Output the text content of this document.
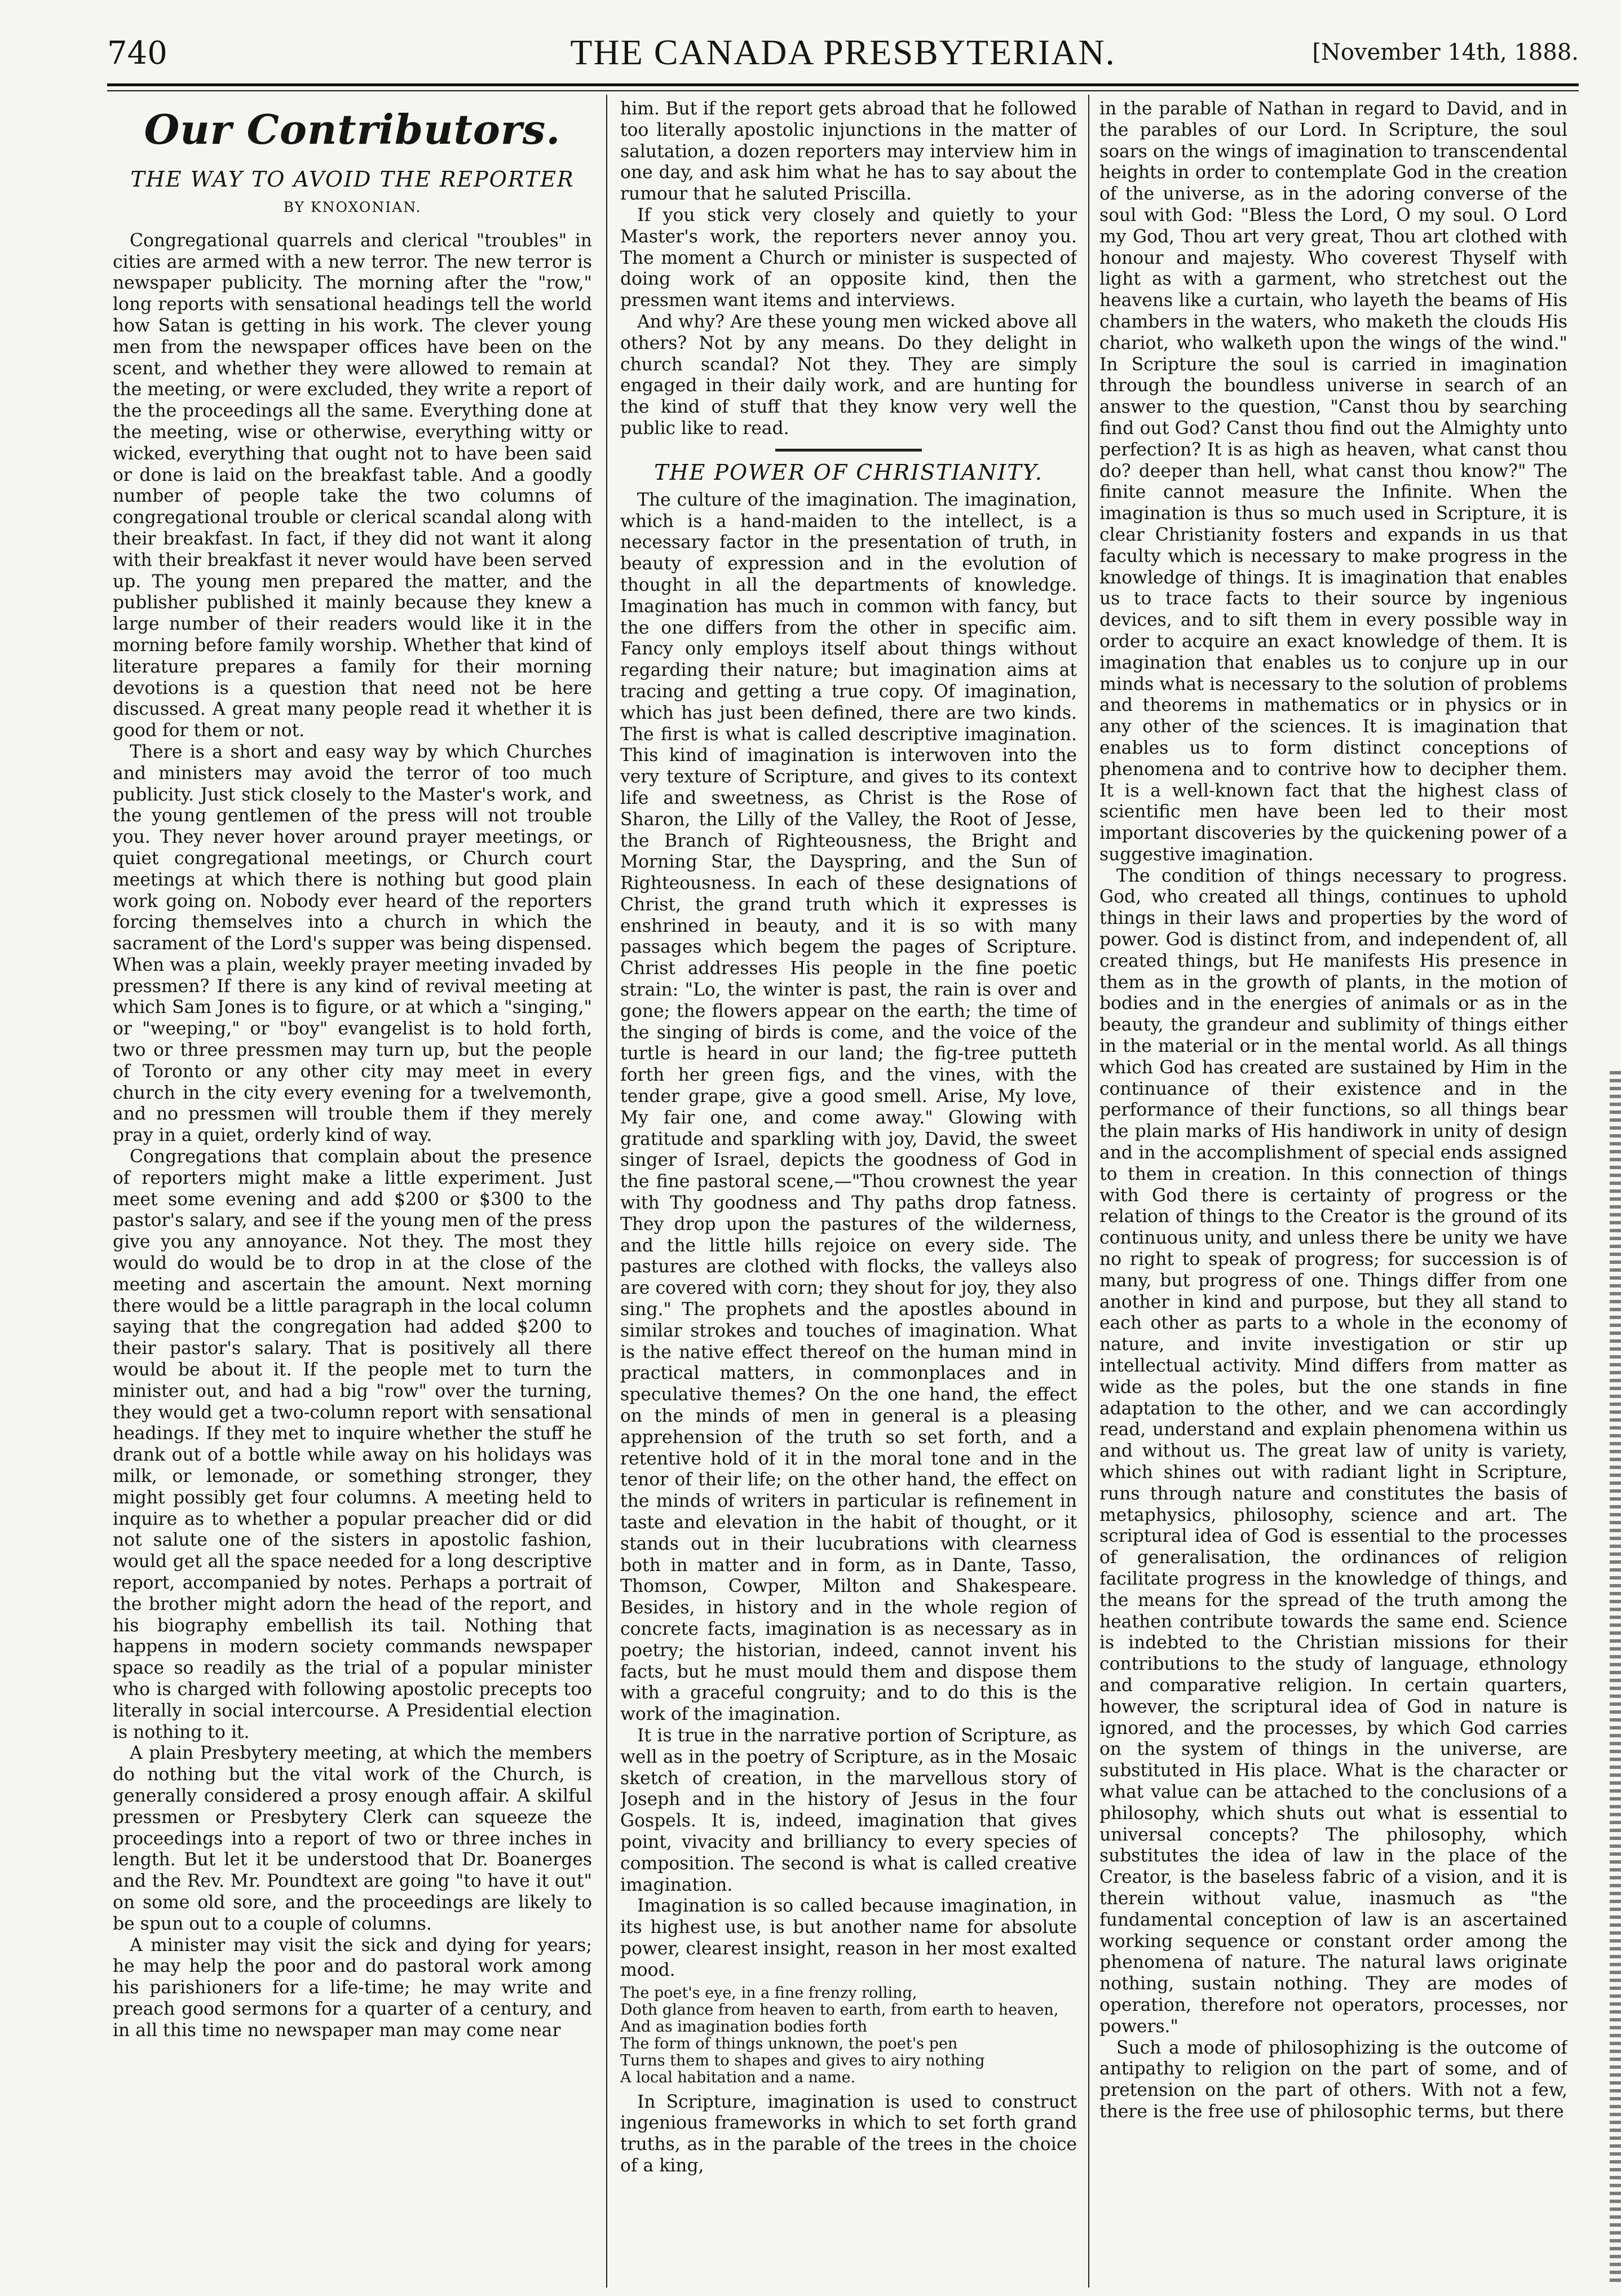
740	THE CANADA PRESBYTERIAN.	[November 14th, 1888.
Our Contributors.
THE WAY TO AVOID THE REPORTER
BY KNOXONIAN.

Congregational quarrels and clerical "troubles" in cities are armed with a new terror. The new terror is newspaper publicity. The morning after the "row," long reports with sensational headings tell the world how Satan is getting in his work. The clever young men from the newspaper offices have been on the scent, and whether they were allowed to remain at the meeting, or were excluded, they write a report of the the proceedings all the same. Everything done at the meeting, wise or otherwise, everything witty or wicked, everything that ought not to have been said or done is laid on the breakfast table. And a goodly number of people take the two columns of congregational trouble or clerical scandal along with their breakfast. In fact, if they did not want it along with their breakfast it never would have been served up. The young men prepared the matter, and the publisher published it mainly because they knew a large number of their readers would like it in the morning before family worship. Whether that kind of literature prepares a family for their morning devotions is a question that need not be here discussed. A great many people read it whether it is good for them or not.

There is a short and easy way by which Churches and ministers may avoid the terror of too much publicity. Just stick closely to the Master's work, and the young gentlemen of the press will not trouble you. They never hover around prayer meetings, or quiet congregational meetings, or Church court meetings at which there is nothing but good plain work going on. Nobody ever heard of the reporters forcing themselves into a church in which the sacrament of the Lord's supper was being dispensed. When was a plain, weekly prayer meeting invaded by pressmen? If there is any kind of revival meeting at which Sam Jones is to figure, or at which a "singing," or "weeping," or "boy" evangelist is to hold forth, two or three pressmen may turn up, but the people of Toronto or any other city may meet in every church in the city every evening for a twelvemonth, and no pressmen will trouble them if they merely pray in a quiet, orderly kind of way.

Congregations that complain about the presence of reporters might make a little experiment. Just meet some evening and add $200 or $300 to the pastor's salary, and see if the young men of the press give you any annoyance. Not they. The most they would do would be to drop in at the close of the meeting and ascertain the amount. Next morning there would be a little paragraph in the local column saying that the congregation had added $200 to their pastor's salary. That is positively all there would be about it. If the people met to turn the minister out, and had a big "row" over the turning, they would get a two-column report with sensational headings. If they met to inquire whether the stuff he drank out of a bottle while away on his holidays was milk, or lemonade, or something stronger, they might possibly get four columns. A meeting held to inquire as to whether a popular preacher did or did not salute one of the sisters in apostolic fashion, would get all the space needed for a long descriptive report, accompanied by notes. Perhaps a portrait of the brother might adorn the head of the report, and his biography embellish its tail. Nothing that happens in modern society commands newspaper space so readily as the trial of a popular minister who is charged with following apostolic precepts too literally in social intercourse. A Presidential election is nothing to it.

A plain Presbytery meeting, at which the members do nothing but the vital work of the Church, is generally considered a prosy enough affair. A skilful pressmen or Presbytery Clerk can squeeze the proceedings into a report of two or three inches in length. But let it be understood that Dr. Boanerges and the Rev. Mr. Poundtext are going "to have it out" on some old sore, and the proceedings are likely to be spun out to a couple of columns.

A minister may visit the sick and dying for years; he may help the poor and do pastoral work among his parishioners for a life-time; he may write and preach good sermons for a quarter of a century, and in all this time no newspaper man may come near

him. But if the report gets abroad that he followed too literally apostolic injunctions in the matter of salutation, a dozen reporters may interview him in one day, and ask him what he has to say about the rumour that he saluted Priscilla.

If you stick very closely and quietly to your Master's work, the reporters never annoy you. The moment a Church or minister is suspected of doing work of an opposite kind, then the pressmen want items and interviews.

And why? Are these young men wicked above all others? Not by any means. Do they delight in church scandal? Not they. They are simply engaged in their daily work, and are hunting for the kind of stuff that they know very well the public like to read.

THE POWER OF CHRISTIANITY.

The culture of the imagination. The imagination, which is a hand-maiden to the intellect, is a necessary factor in the presentation of truth, in beauty of expression and in the evolution of thought in all the departments of knowledge. Imagination has much in common with fancy, but the one differs from the other in specific aim. Fancy only employs itself about things without regarding their nature; but imagination aims at tracing and getting a true copy. Of imagination, which has just been defined, there are two kinds. The first is what is called descriptive imagination. This kind of imagination is interwoven into the very texture of Scripture, and gives to its context life and sweetness, as Christ is the Rose of Sharon, the Lilly of the Valley, the Root of Jesse, the Branch of Righteousness, the Bright and Morning Star, the Dayspring, and the Sun of Righteousness. In each of these designations of Christ, the grand truth which it expresses is enshrined in beauty, and it is so with many passages which begem the pages of Scripture. Christ addresses His people in the fine poetic strain: "Lo, the winter is past, the rain is over and gone; the flowers appear on the earth; the time of the singing of birds is come, and the voice of the turtle is heard in our land; the fig-tree putteth forth her green figs, and the vines, with the tender grape, give a good smell. Arise, My love, My fair one, and come away." Glowing with gratitude and sparkling with joy, David, the sweet singer of Israel, depicts the goodness of God in the fine pastoral scene,—"Thou crownest the year with Thy goodness and Thy paths drop fatness. They drop upon the pastures of the wilderness, and the little hills rejoice on every side. The pastures are clothed with flocks, the valleys also are covered with corn; they shout for joy, they also sing." The prophets and the apostles abound in similar strokes and touches of imagination. What is the native effect thereof on the human mind in practical matters, in commonplaces and in speculative themes? On the one hand, the effect on the minds of men in general is a pleasing apprehension of the truth so set forth, and a retentive hold of it in the moral tone and in the tenor of their life; on the other hand, the effect on the minds of writers in particular is refinement in taste and elevation in the habit of thought, or it stands out in their lucubrations with clearness both in matter and in form, as in Dante, Tasso, Thomson, Cowper, Milton and Shakespeare. Besides, in history and in the whole region of concrete facts, imagination is as necessary as in poetry; the historian, indeed, cannot invent his facts, but he must mould them and dispose them with a graceful congruity; and to do this is the work of the imagination.

It is true in the narrative portion of Scripture, as well as in the poetry of Scripture, as in the Mosaic sketch of creation, in the marvellous story of Joseph and in the history of Jesus in the four Gospels. It is, indeed, imagination that gives point, vivacity and brilliancy to every species of composition. The second is what is called creative imagination.

Imagination is so called because imagination, in its highest use, is but another name for absolute power, clearest insight, reason in her most exalted mood.

The poet's eye, in a fine frenzy rolling,
Doth glance from heaven to earth, from earth to heaven,
And as imagination bodies forth
The form of things unknown, the poet's pen
Turns them to shapes and gives to airy nothing
A local habitation and a name.

In Scripture, imagination is used to construct ingenious frameworks in which to set forth grand truths, as in the parable of the trees in the choice of a king,

in the parable of Nathan in regard to David, and in the parables of our Lord. In Scripture, the soul soars on the wings of imagination to transcendental heights in order to contemplate God in the creation of the universe, as in the adoring converse of the soul with God: "Bless the Lord, O my soul. O Lord my God, Thou art very great, Thou art clothed with honour and majesty. Who coverest Thyself with light as with a garment, who stretchest out the heavens like a curtain, who layeth the beams of His chambers in the waters, who maketh the clouds His chariot, who walketh upon the wings of the wind." In Scripture the soul is carried in imagination through the boundless universe in search of an answer to the question, "Canst thou by searching find out God? Canst thou find out the Almighty unto perfection? It is as high as heaven, what canst thou do? deeper than hell, what canst thou know?" The finite cannot measure the Infinite. When the imagination is thus so much used in Scripture, it is clear Christianity fosters and expands in us that faculty which is necessary to make progress in the knowledge of things. It is imagination that enables us to trace facts to their source by ingenious devices, and to sift them in every possible way in order to acquire an exact knowledge of them. It is imagination that enables us to conjure up in our minds what is necessary to the solution of problems and theorems in mathematics or in physics or in any other of the sciences. It is imagination that enables us to form distinct conceptions of phenomena and to contrive how to decipher them. It is a well-known fact that the highest class of scientific men have been led to their most important discoveries by the quickening power of a suggestive imagination.

The condition of things necessary to progress. God, who created all things, continues to uphold things in their laws and properties by the word of power. God is distinct from, and independent of, all created things, but He manifests His presence in them as in the growth of plants, in the motion of bodies and in the energies of animals or as in the beauty, the grandeur and sublimity of things either in the material or in the mental world. As all things which God has created are sustained by Him in the continuance of their existence and in the performance of their functions, so all things bear the plain marks of His handiwork in unity of design and in the accomplishment of special ends assigned to them in creation. In this connection of things with God there is certainty of progress or the relation of things to the Creator is the ground of its continuous unity, and unless there be unity we have no right to speak of progress; for succession is of many, but progress of one. Things differ from one another in kind and purpose, but they all stand to each other as parts to a whole in the economy of nature, and invite investigation or stir up intellectual activity. Mind differs from matter as wide as the poles, but the one stands in fine adaptation to the other, and we can accordingly read, understand and explain phenomena within us and without us. The great law of unity is variety, which shines out with radiant light in Scripture, runs through nature and constitutes the basis of metaphysics, philosophy, science and art. The scriptural idea of God is essential to the processes of generalisation, the ordinances of religion facilitate progress in the knowledge of things, and the means for the spread of the truth among the heathen contribute towards the same end. Science is indebted to the Christian missions for their contributions to the study of language, ethnology and comparative religion. In certain quarters, however, the scriptural idea of God in nature is ignored, and the processes, by which God carries on the system of things in the universe, are substituted in His place. What is the character or what value can be attached to the conclusions of a philosophy, which shuts out what is essential to universal concepts? The philosophy, which substitutes the idea of law in the place of the Creator, is the baseless fabric of a vision, and it is therein without value, inasmuch as "the fundamental conception of law is an ascertained working sequence or constant order among the phenomena of nature. The natural laws originate nothing, sustain nothing. They are modes of operation, therefore not operators, processes, nor powers."

Such a mode of philosophizing is the outcome of antipathy to religion on the part of some, and of pretension on the part of others. With not a few, there is the free use of philosophic terms, but there
